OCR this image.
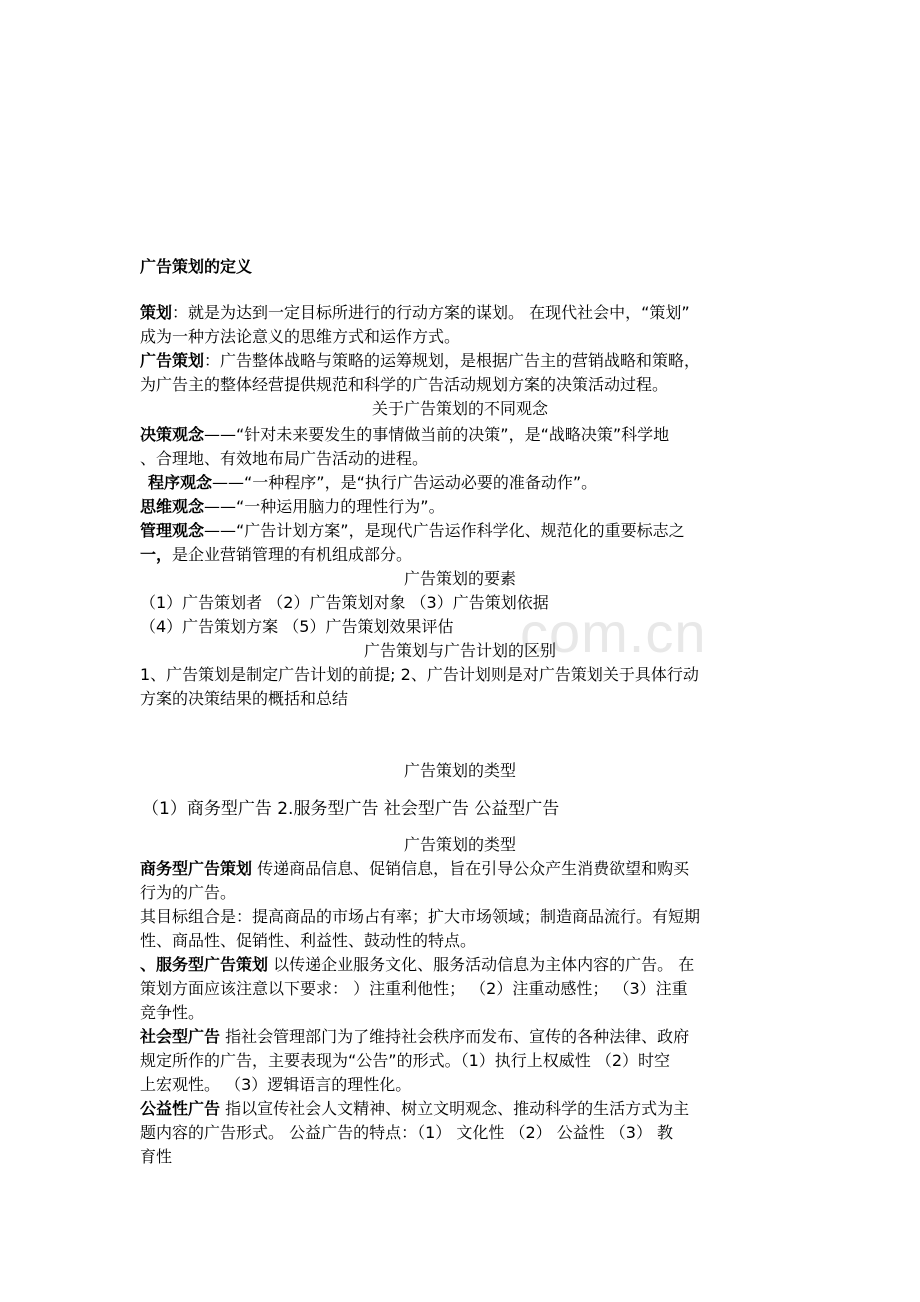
com.cn
广告策划的定义
策划：就是为达到一定目标所进行的行动方案的谋划。 在现代社会中，“策划”
成为一种方法论意义的思维方式和运作方式。
广告策划：广告整体战略与策略的运筹规划，是根据广告主的营销战略和策略，
为广告主的整体经营提供规范和科学的广告活动规划方案的决策活动过程。
关于广告策划的不同观念
决策观念——“针对未来要发生的事情做当前的决策”，是“战略决策”科学地
、合理地、有效地布局广告活动的进程。
程序观念——“一种程序”，是“执行广告运动必要的准备动作”。
思维观念——“一种运用脑力的理性行为”。
管理观念——“广告计划方案”，是现代广告运作科学化、规范化的重要标志之
一，是企业营销管理的有机组成部分。
广告策划的要素
（1）广告策划者 （2）广告策划对象 （3）广告策划依据
（4）广告策划方案 （5）广告策划效果评估
广告策划与广告计划的区别
1、广告策划是制定广告计划的前提; 2、广告计划则是对广告策划关于具体行动
方案的决策结果的概括和总结
广告策划的类型
（1）商务型广告 2.服务型广告 社会型广告 公益型广告
广告策划的类型
商务型广告策划 传递商品信息、促销信息，旨在引导公众产生消费欲望和购买
行为的广告。
其目标组合是：提高商品的市场占有率；扩大市场领域；制造商品流行。有短期
性、商品性、促销性、利益性、鼓动性的特点。
、服务型广告策划 以传递企业服务文化、服务活动信息为主体内容的广告。 在
策划方面应该注意以下要求： ）注重利他性； （2）注重动感性； （3）注重
竞争性。
社会型广告 指社会管理部门为了维持社会秩序而发布、宣传的各种法律、政府
规定所作的广告，主要表现为“公告”的形式。（1）执行上权威性 （2）时空
上宏观性。 （3）逻辑语言的理性化。
公益性广告 指以宣传社会人文精神、树立文明观念、推动科学的生活方式为主
题内容的广告形式。 公益广告的特点：（1） 文化性 （2） 公益性 （3） 教
育性
